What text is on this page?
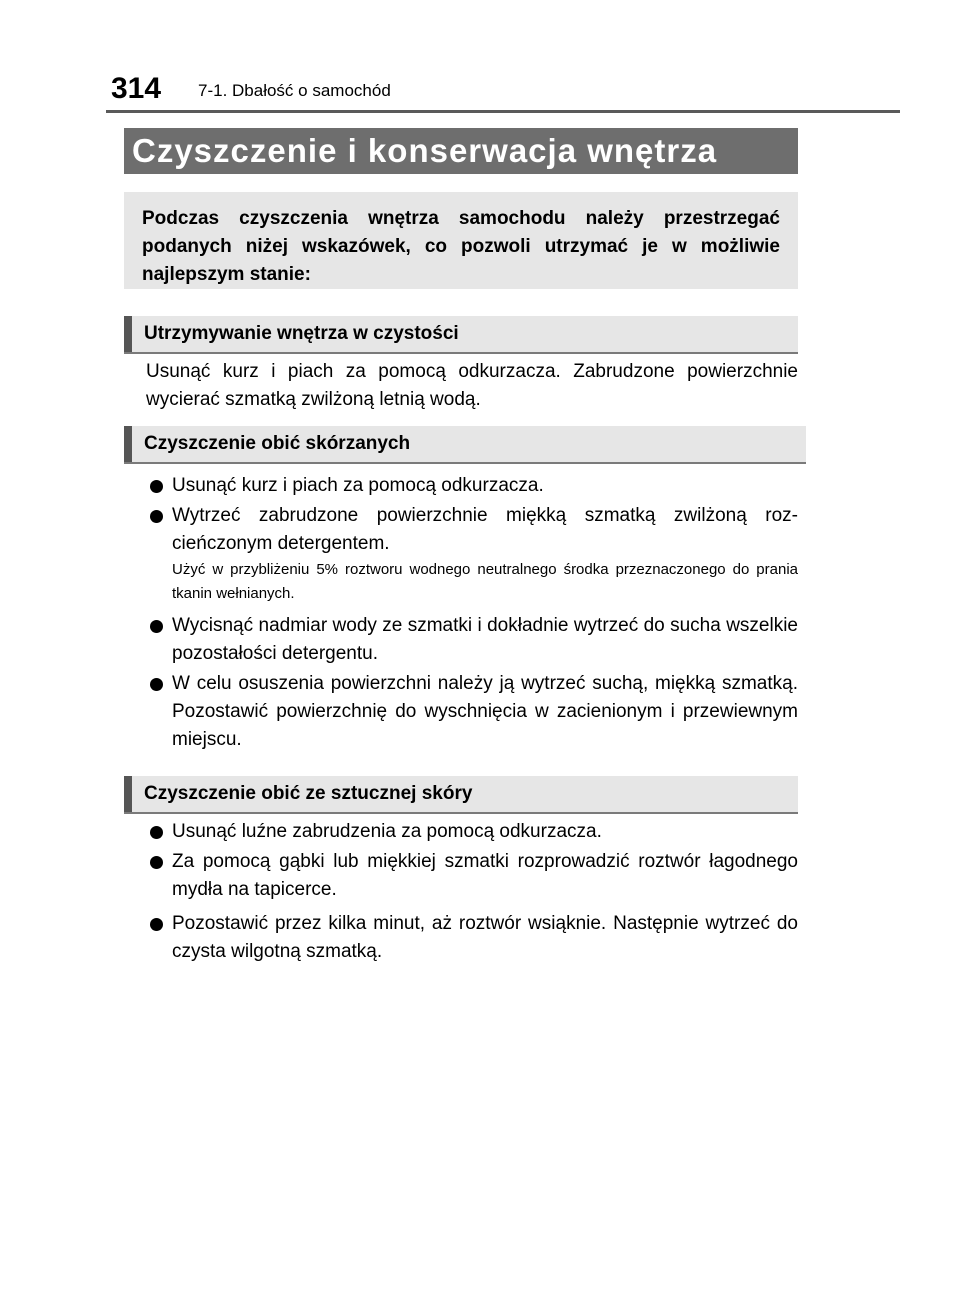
314 7-1. Dbałość o samochód
Czyszczenie i konserwacja wnętrza
Podczas czyszczenia wnętrza samochodu należy przestrzegać podanych niżej wskazówek, co pozwoli utrzymać je w możliwie najlepszym stanie:
Utrzymywanie wnętrza w czystości
Usunąć kurz i piach za pomocą odkurzacza. Zabrudzone powierzchnie wycierać szmatką zwilżoną letnią wodą.
Czyszczenie obić skórzanych
Usunąć kurz i piach za pomocą odkurzacza.
Wytrzeć zabrudzone powierzchnie miękką szmatką zwilżoną rozcieńczonym detergentem.
Użyć w przybliżeniu 5% roztworu wodnego neutralnego środka przeznaczonego do prania tkanin wełnianych.
Wycisnąć nadmiar wody ze szmatki i dokładnie wytrzeć do sucha wszelkie pozostałości detergentu.
W celu osuszenia powierzchni należy ją wytrzeć suchą, miękką szmatką. Pozostawić powierzchnię do wyschnięcia w zacienionym i przewiewnym miejscu.
Czyszczenie obić ze sztucznej skóry
Usunąć luźne zabrudzenia za pomocą odkurzacza.
Za pomocą gąbki lub miękkiej szmatki rozprowadzić roztwór łagodnego mydła na tapicerce.
Pozostawić przez kilka minut, aż roztwór wsiąknie. Następnie wytrzeć do czysta wilgotną szmatką.
